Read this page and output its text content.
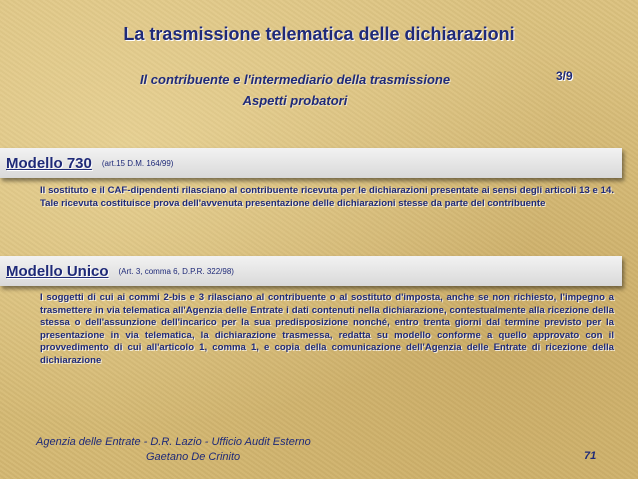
La trasmissione telematica delle dichiarazioni
Il contribuente e l'intermediario della trasmissione
Aspetti probatori
3/9
Modello 730 (art.15 D.M. 164/99)
Il sostituto e il CAF-dipendenti rilasciano al contribuente ricevuta per le dichiarazioni presentate ai sensi degli articoli 13 e 14. Tale ricevuta costituisce prova dell'avvenuta presentazione delle dichiarazioni stesse da parte del contribuente
Modello Unico (Art. 3, comma 6, D.P.R. 322/98)
I soggetti di cui ai commi 2-bis e 3 rilasciano al contribuente o al sostituto d'imposta, anche se non richiesto, l'impegno a trasmettere in via telematica all'Agenzia delle Entrate i dati contenuti nella dichiarazione, contestualmente alla ricezione della stessa o dell'assunzione dell'incarico per la sua predisposizione nonché, entro trenta giorni dal termine previsto per la presentazione in via telematica, la dichiarazione trasmessa, redatta su modello conforme a quello approvato con il provvedimento di cui all'articolo 1, comma 1, e copia della comunicazione dell'Agenzia delle Entrate di ricezione della dichiarazione
Agenzia delle Entrate - D.R. Lazio - Ufficio Audit Esterno
Gaetano De Crinito	71
